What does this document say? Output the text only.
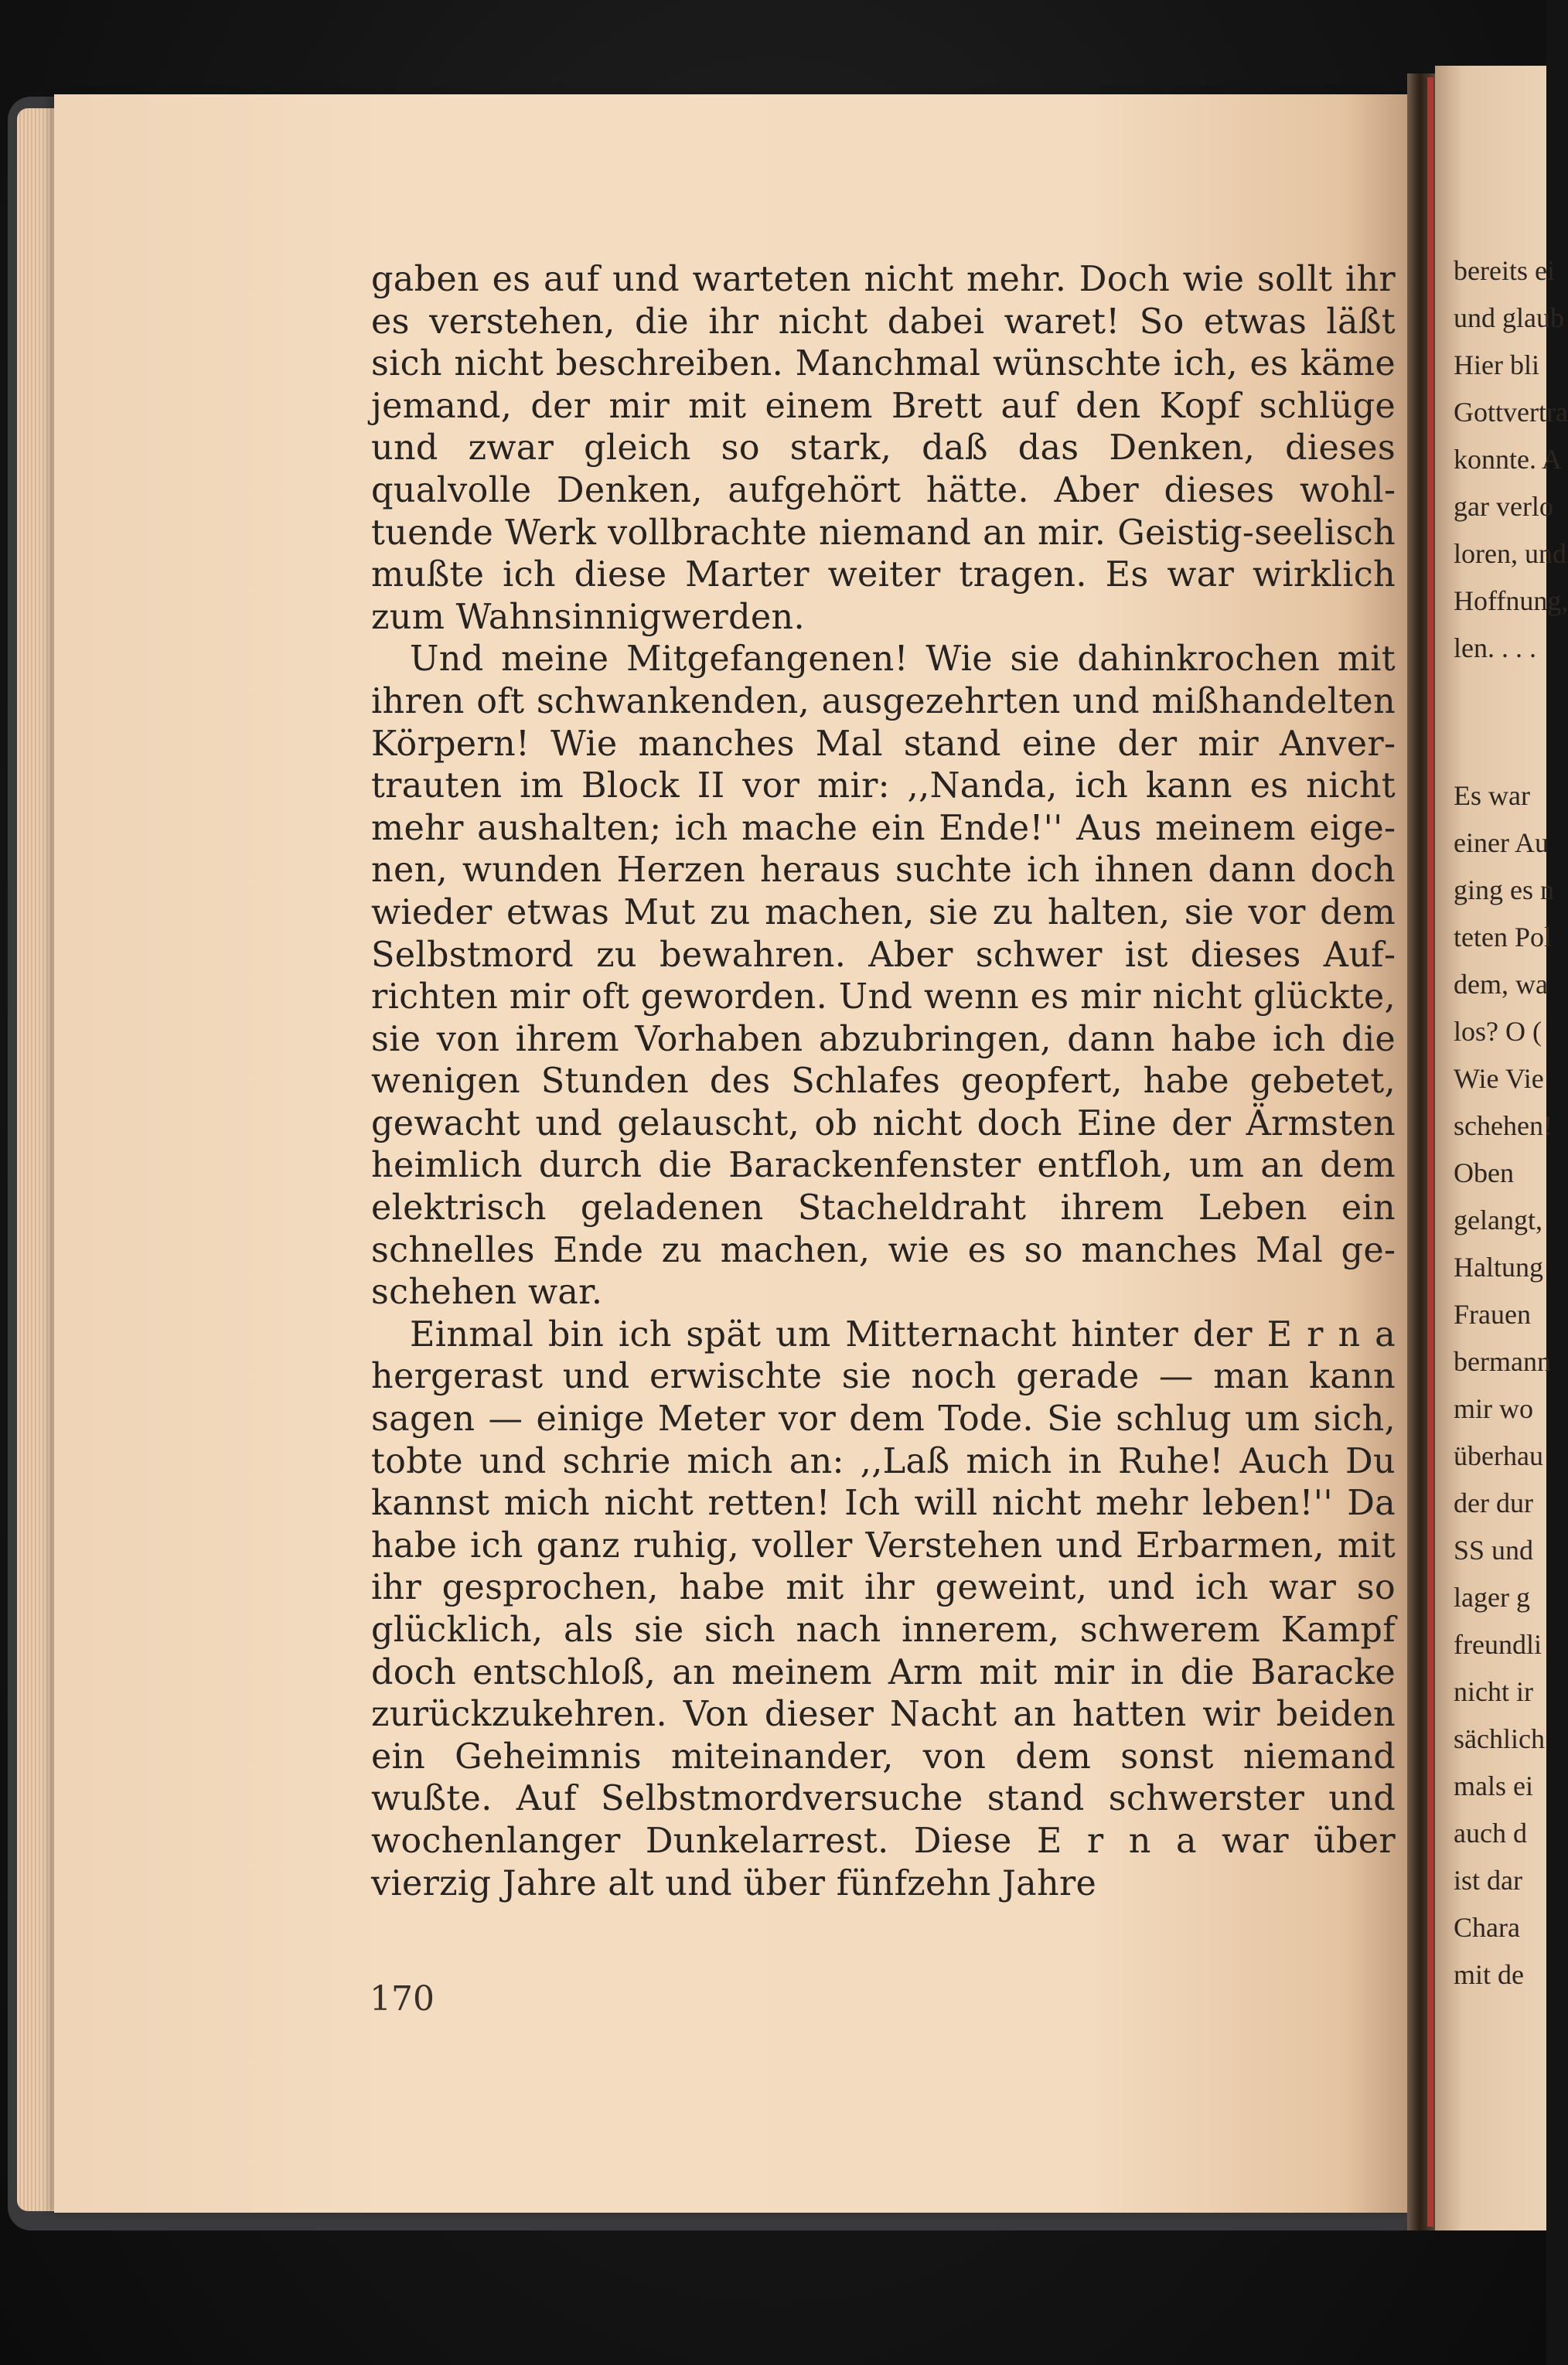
gaben es auf und warteten nicht mehr. Doch wie sollt ihr es verstehen, die ihr nicht dabei waret! So etwas läßt sich nicht beschreiben. Manchmal wünschte ich, es käme jemand, der mir mit einem Brett auf den Kopf schlüge und zwar gleich so stark, daß das Denken, dieses qualvolle Denken, aufgehört hätte. Aber dieses wohltuende Werk vollbrachte niemand an mir. Geistig-seelisch mußte ich diese Marter weiter tragen. Es war wirklich zum Wahnsinnigwerden.

Und meine Mitgefangenen! Wie sie dahinkrochen mit ihren oft schwankenden, ausgezehrten und mißhandelten Körpern! Wie manches Mal stand eine der mir Anvertrauten im Block II vor mir: ,,Nanda, ich kann es nicht mehr aushalten; ich mache ein Ende!'' Aus meinem eigenen, wunden Herzen heraus suchte ich ihnen dann doch wieder etwas Mut zu machen, sie zu halten, sie vor dem Selbstmord zu bewahren. Aber schwer ist dieses Aufrichten mir oft geworden. Und wenn es mir nicht glückte, sie von ihrem Vorhaben abzubringen, dann habe ich die wenigen Stunden des Schlafes geopfert, habe gebetet, gewacht und gelauscht, ob nicht doch Eine der Ärmsten heimlich durch die Barackenfenster entfloh, um an dem elektrisch geladenen Stacheldraht ihrem Leben ein schnelles Ende zu machen, wie es so manches Mal geschehen war.

Einmal bin ich spät um Mitternacht hinter der E r n a hergerast und erwischte sie noch gerade — man kann sagen — einige Meter vor dem Tode. Sie schlug um sich, tobte und schrie mich an: ,,Laß mich in Ruhe! Auch Du kannst mich nicht retten! Ich will nicht mehr leben!'' Da habe ich ganz ruhig, voller Verstehen und Erbarmen, mit ihr gesprochen, habe mit ihr geweint, und ich war so glücklich, als sie sich nach innerem, schwerem Kampf doch entschloß, an meinem Arm mit mir in die Baracke zurückzukehren. Von dieser Nacht an hatten wir beiden ein Geheimnis miteinander, von dem sonst niemand wußte. Auf Selbstmordversuche stand schwerster und wochenlanger Dunkelarrest. Diese E r n a war über vierzig Jahre alt und über fünfzehn Jahre

170
bereits ei
und glaub
Hier bli
Gottvertra
konnte. A
gar verlo
loren, und
Hoffnung,
len. . . .
Es war
einer Au
ging es n
teten Pol
dem, wa
los? O (
Wie Vie
schehen!
Oben
gelangt,
Haltung
Frauen
bermann
mir wo
überhau
der dur
SS und
lager g
freundli
nicht ir
sächlich
mals ei
auch d
ist dar
Chara
mit de
